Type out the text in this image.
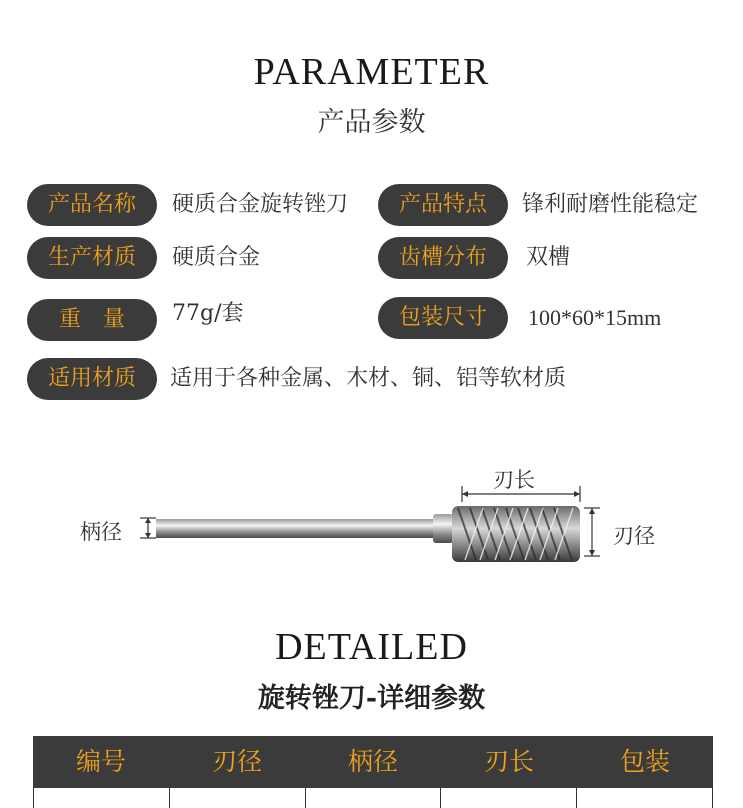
PARAMETER
产品参数
产品名称	硬质合金旋转锉刀	产品特点	锋利耐磨性能稳定
生产材质	硬质合金	齿槽分布	双槽
重　量	77g/套	包装尺寸	100*60*15mm
适用材质	适用于各种金属、木材、铜、铝等软材质
柄径
刃长
刃径
DETAILED
旋转锉刀-详细参数
编号	刃径	柄径	刃长	包装
